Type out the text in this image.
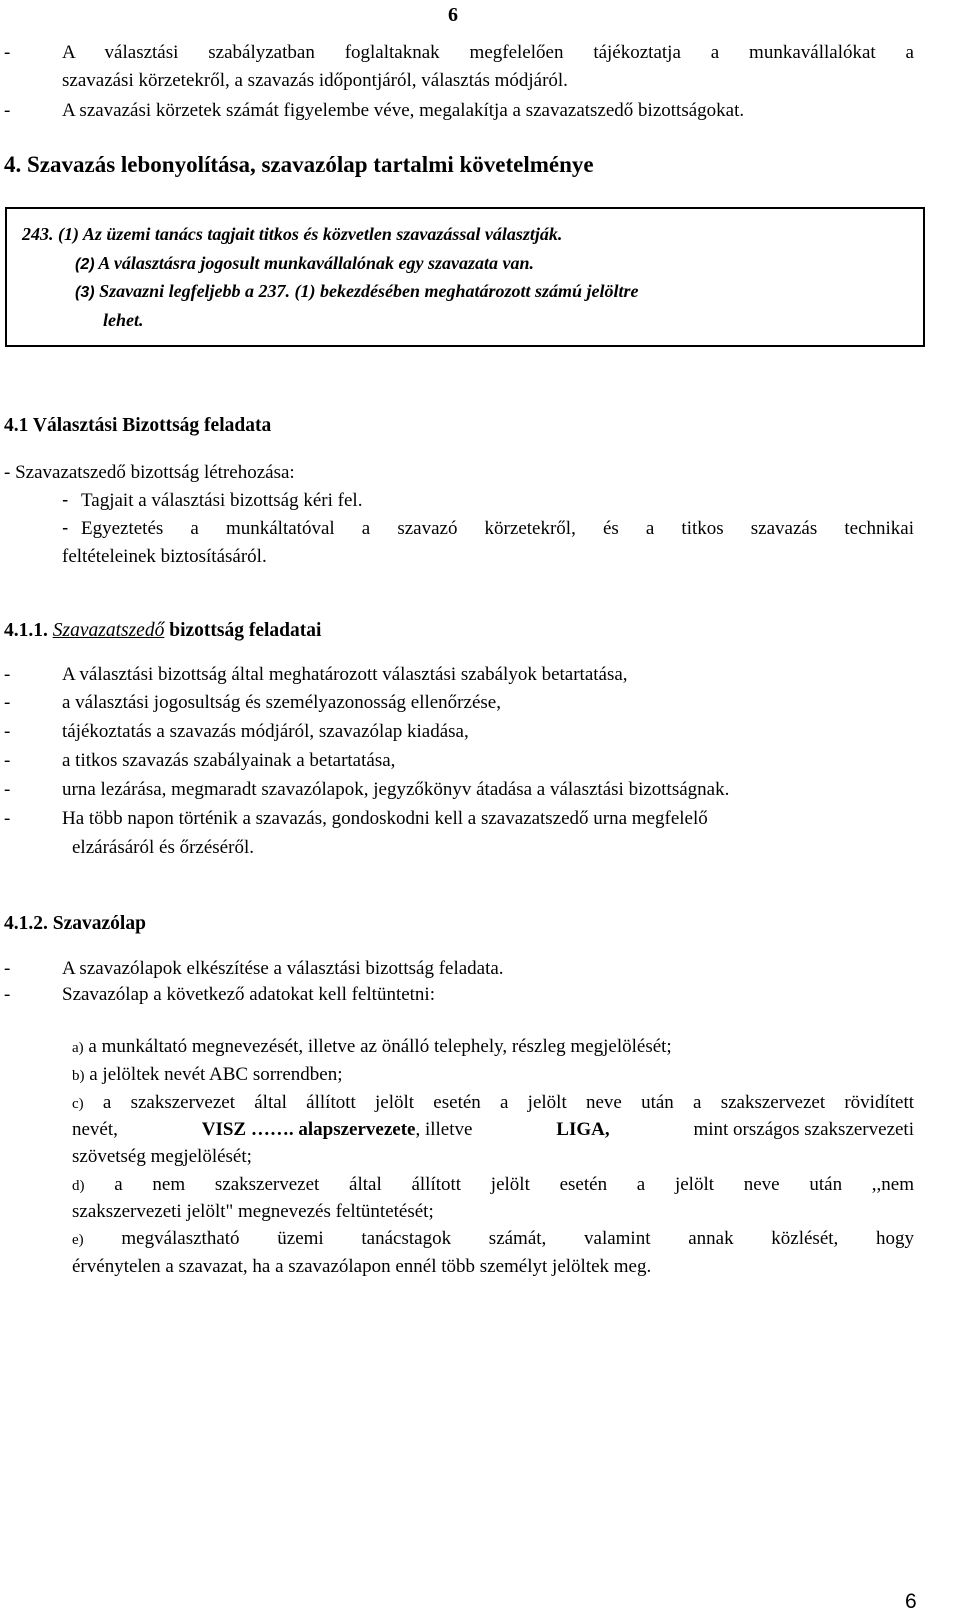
6
-	A választási szabályzatban foglaltaknak megfelelően tájékoztatja a munkavállalókat a
szavazási körzetekről, a szavazás időpontjáról, választás módjáról.
-	A szavazási körzetek számát figyelembe véve, megalakítja a szavazatszedő bizottságokat.
4. Szavazás lebonyolítása, szavazólap tartalmi követelménye
243. (1) Az üzemi tanács tagjait titkos és közvetlen szavazással választják.
(2) A választásra jogosult munkavállalónak egy szavazata van.
(3) Szavazni legfeljebb a 237. (1) bekezdésében meghatározott számú jelöltre
lehet.
4.1 Választási Bizottság feladata
- Szavazatszedő bizottság létrehozása:
- Tagjait a választási bizottság kéri fel.
- Egyeztetés a munkáltatóval a szavazó körzetekről, és a titkos szavazás technikai
feltételeinek biztosításáról.
4.1.1. Szavazatszedő bizottság feladatai
-	A választási bizottság által meghatározott választási szabályok betartatása,
-	a választási jogosultság és személyazonosság ellenőrzése,
-	tájékoztatás a szavazás módjáról, szavazólap kiadása,
-	a titkos szavazás szabályainak a betartatása,
-	urna lezárása, megmaradt szavazólapok, jegyzőkönyv átadása a választási bizottságnak.
-	Ha több napon történik a szavazás, gondoskodni kell a szavazatszedő urna megfelelő
elzárásáról és őrzéséről.
4.1.2. Szavazólap
-	A szavazólapok elkészítése a választási bizottság feladata.
-	Szavazólap a következő adatokat kell feltüntetni:
a) a munkáltató megnevezését, illetve az önálló telephely, részleg megjelölését;
b) a jelöltek nevét ABC sorrendben;
c) a szakszervezet által állított jelölt esetén a jelölt neve után a szakszervezet rövidített
nevét,	VISZ ……. alapszervezete, illetve	LIGA,	mint országos szakszervezeti
szövetség megjelölését;
d) a nem szakszervezet által állított jelölt esetén a jelölt neve után ,,nem
szakszervezeti jelölt" megnevezés feltüntetését;
e) megválasztható üzemi tanácstagok számát, valamint annak közlését, hogy
érvénytelen a szavazat, ha a szavazólapon ennél több személyt jelöltek meg.
6
